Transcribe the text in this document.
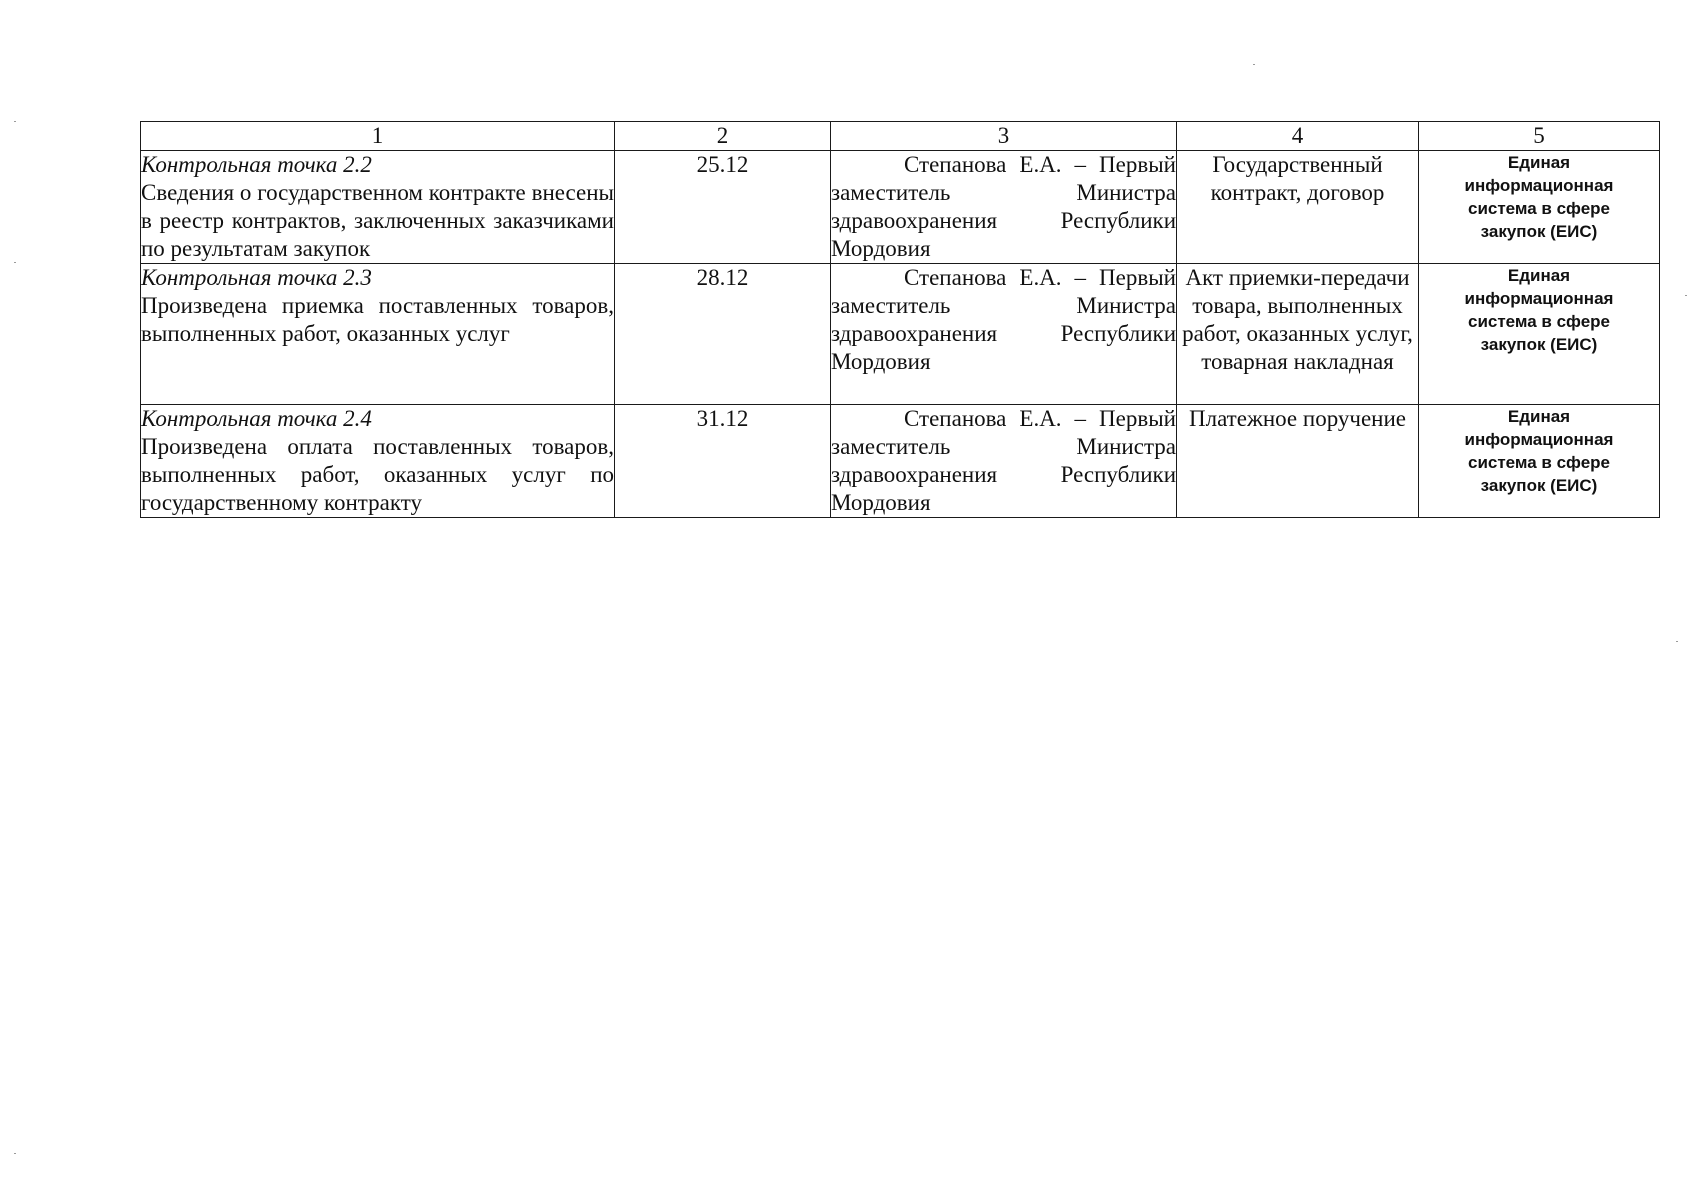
1	2	3	4	5

Контрольная точка 2.2
Сведения о государственном контракте внесены в реестр контрактов, заключенных заказчиками по результатам закупок	25.12	Степанова Е.А. – Первый заместитель Министра здравоохранения Республики Мордовия	Государственный контракт, договор	Единая информационная система в сфере закупок (ЕИС)

Контрольная точка 2.3
Произведена приемка поставленных товаров, выполненных работ, оказанных услуг	28.12	Степанова Е.А. – Первый заместитель Министра здравоохранения Республики Мордовия	Акт приемки-передачи товара, выполненных работ, оказанных услуг, товарная накладная	Единая информационная система в сфере закупок (ЕИС)

Контрольная точка 2.4
Произведена оплата поставленных товаров, выполненных работ, оказанных услуг по государственному контракту	31.12	Степанова Е.А. – Первый заместитель Министра здравоохранения Республики Мордовия	Платежное поручение	Единая информационная система в сфере закупок (ЕИС)
